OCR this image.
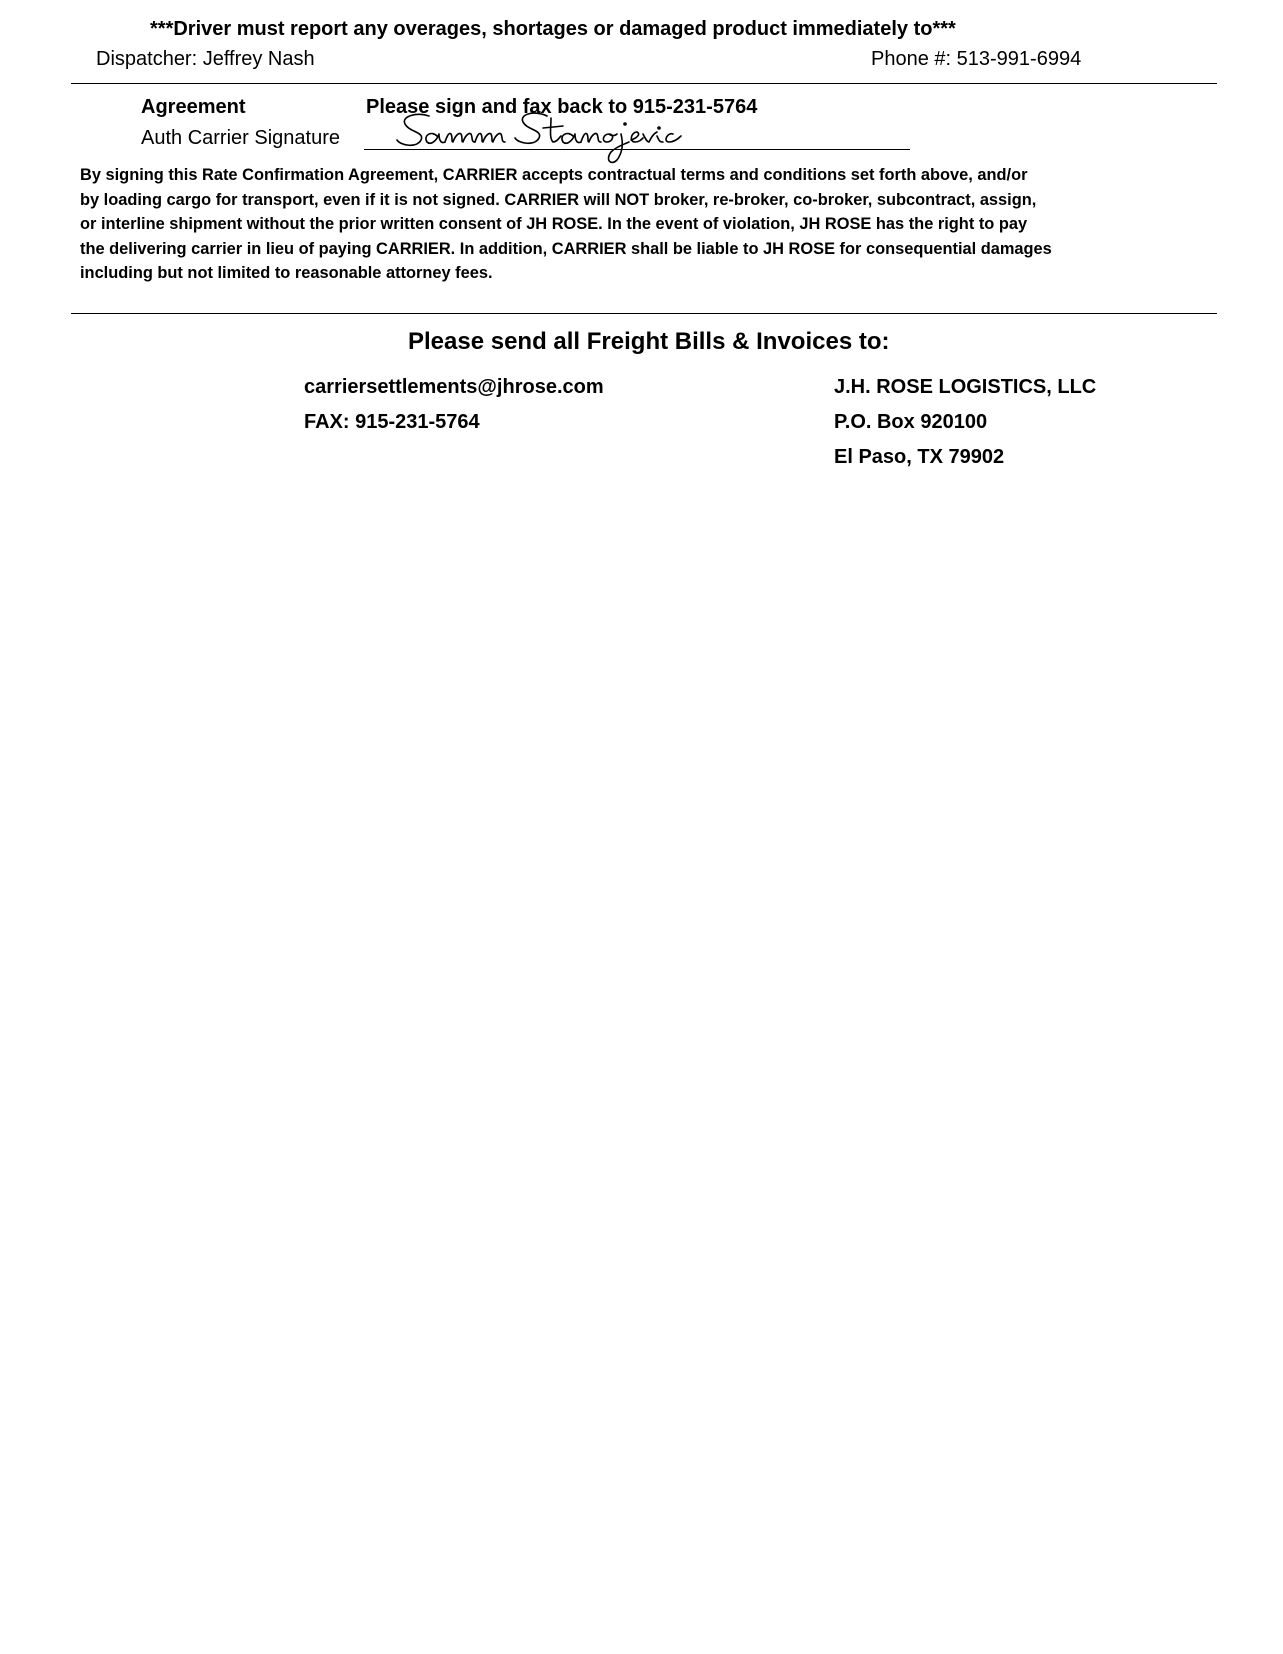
***Driver must report any overages, shortages or damaged product immediately to***
Dispatcher: Jeffrey Nash	Phone #: 513-991-6994
Agreement	Please sign and fax back to 915-231-5764
Auth Carrier Signature
By signing this Rate Confirmation Agreement, CARRIER accepts contractual terms and conditions set forth above, and/or
by loading cargo for transport, even if it is not signed. CARRIER will NOT broker, re-broker, co-broker, subcontract, assign,
or interline shipment without the prior written consent of JH ROSE. In the event of violation, JH ROSE has the right to pay
the delivering carrier in lieu of paying CARRIER. In addition, CARRIER shall be liable to JH ROSE for consequential damages
including but not limited to reasonable attorney fees.
Please send all Freight Bills & Invoices to:
carriersettlements@jhrose.com
FAX: 915-231-5764
J.H. ROSE LOGISTICS, LLC
P.O. Box 920100
El Paso, TX 79902
